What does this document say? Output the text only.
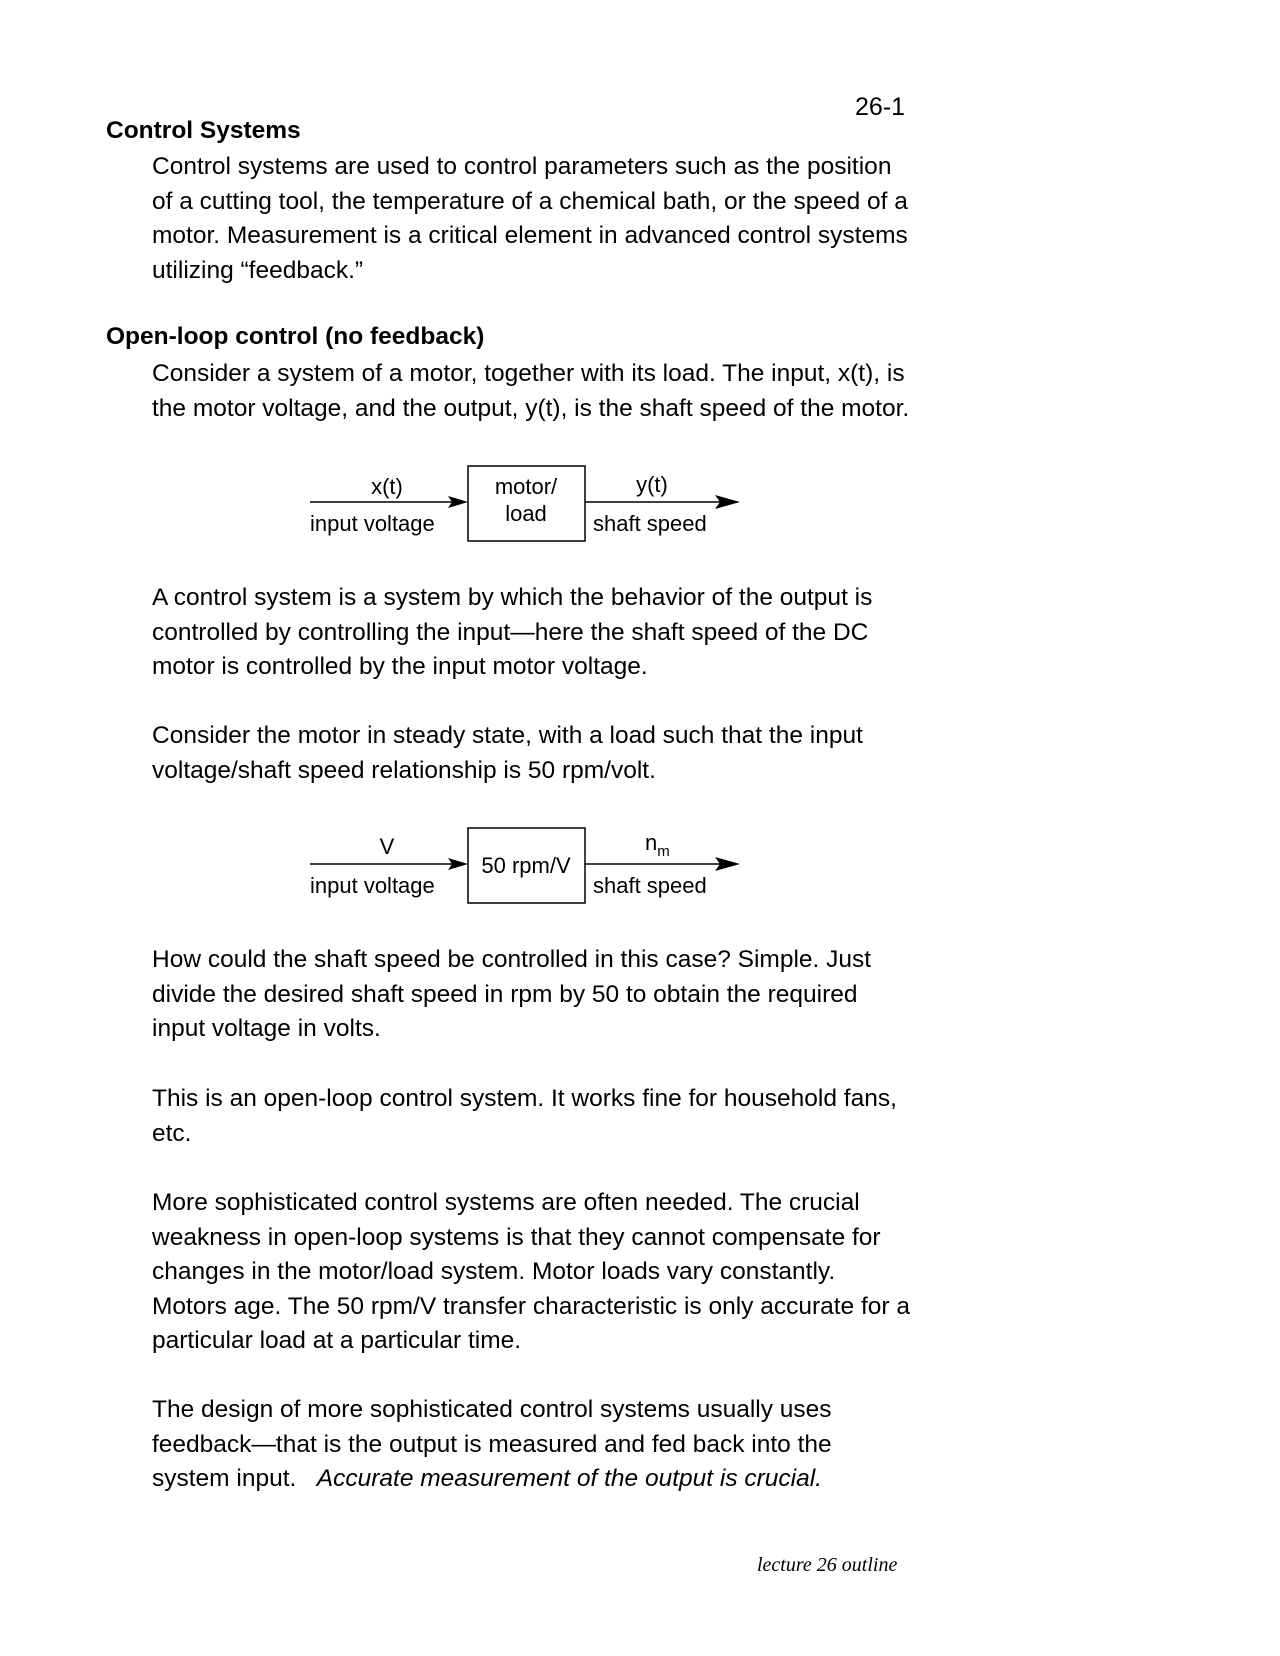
26-1
Control Systems

Control systems are used to control parameters such as the position of a cutting tool, the temperature of a chemical bath, or the speed of a motor. Measurement is a critical element in advanced control systems utilizing “feedback.”

Open-loop control (no feedback)

Consider a system of a motor, together with its load. The input, x(t), is the motor voltage, and the output, y(t), is the shaft speed of the motor.

x(t)
input voltage
motor/
load
y(t)
shaft speed

A control system is a system by which the behavior of the output is controlled by controlling the input—here the shaft speed of the DC motor is controlled by the input motor voltage.

Consider the motor in steady state, with a load such that the input voltage/shaft speed relationship is 50 rpm/volt.

V
input voltage
50 rpm/V
$n_m$
shaft speed

How could the shaft speed be controlled in this case? Simple. Just divide the desired shaft speed in rpm by 50 to obtain the required input voltage in volts.

This is an open-loop control system. It works fine for household fans, etc.

More sophisticated control systems are often needed. The crucial weakness in open-loop systems is that they cannot compensate for changes in the motor/load system. Motor loads vary constantly. Motors age. The 50 rpm/V transfer characteristic is only accurate for a particular load at a particular time.

The design of more sophisticated control systems usually uses feedback—that is the output is measured and fed back into the system input. Accurate measurement of the output is crucial.

lecture 26 outline
